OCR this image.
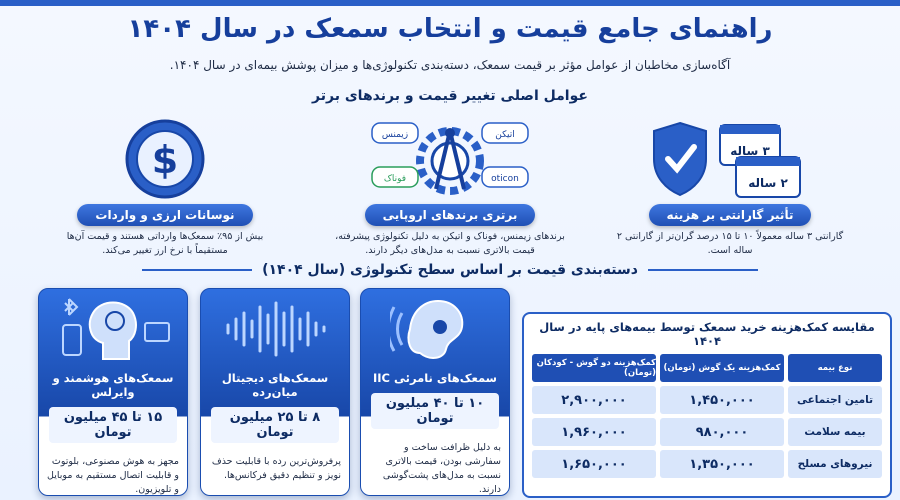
راهنمای جامع قیمت و انتخاب سمعک در سال ۱۴۰۴
آگاه‌سازی مخاطبان از عوامل مؤثر بر قیمت سمعک، دسته‌بندی تکنولوژی‌ها و میزان پوشش بیمه‌ای در سال ۱۴۰۴.
عوامل اصلی تغییر قیمت و برندهای برتر
۳ ساله
۲ ساله
تأثیر گارانتی بر هزینه
گارانتی ۳ ساله معمولاً ۱۰ تا ۱۵ درصد گران‌تر از گارانتی ۲ ساله است.
زیمنس	اتیکن
فوناک	oticon
برتری برندهای اروپایی
برندهای زیمنس، فوناک و اتیکن به دلیل تکنولوژی پیشرفته، قیمت بالاتری نسبت به مدل‌های دیگر دارند.
$
نوسانات ارزی و واردات
بیش از ۹۵٪ سمعک‌ها وارداتی هستند و قیمت آن‌ها مستقیماً با نرخ ارز تغییر می‌کند.
دسته‌بندی قیمت بر اساس سطح تکنولوژی (سال ۱۴۰۴)
سمعک‌های نامرئی IIC
۱۰ تا ۴۰ میلیون تومان
به دلیل ظرافت ساخت و سفارشی بودن، قیمت بالاتری نسبت به مدل‌های پشت‌گوشی دارند.
سمعک‌های دیجیتال میان‌رده
۸ تا ۲۵ میلیون تومان
پرفروش‌ترین رده با قابلیت حذف نویز و تنظیم دقیق فرکانس‌ها.
سمعک‌های هوشمند و وایرلس
۱۵ تا ۴۵ میلیون تومان
مجهز به هوش مصنوعی، بلوتوث و قابلیت اتصال مستقیم به موبایل و تلویزیون.
مقایسه کمک‌هزینه خرید سمعک توسط بیمه‌های پایه در سال ۱۴۰۴
نوع بیمه
کمک‌هزینه یک گوش (تومان)
کمک‌هزینه دو گوش - کودکان (تومان)
تامین اجتماعی
۱,۴۵۰,۰۰۰
۲,۹۰۰,۰۰۰
بیمه سلامت
۹۸۰,۰۰۰
۱,۹۶۰,۰۰۰
نیروهای مسلح
۱,۳۵۰,۰۰۰
۱,۶۵۰,۰۰۰
